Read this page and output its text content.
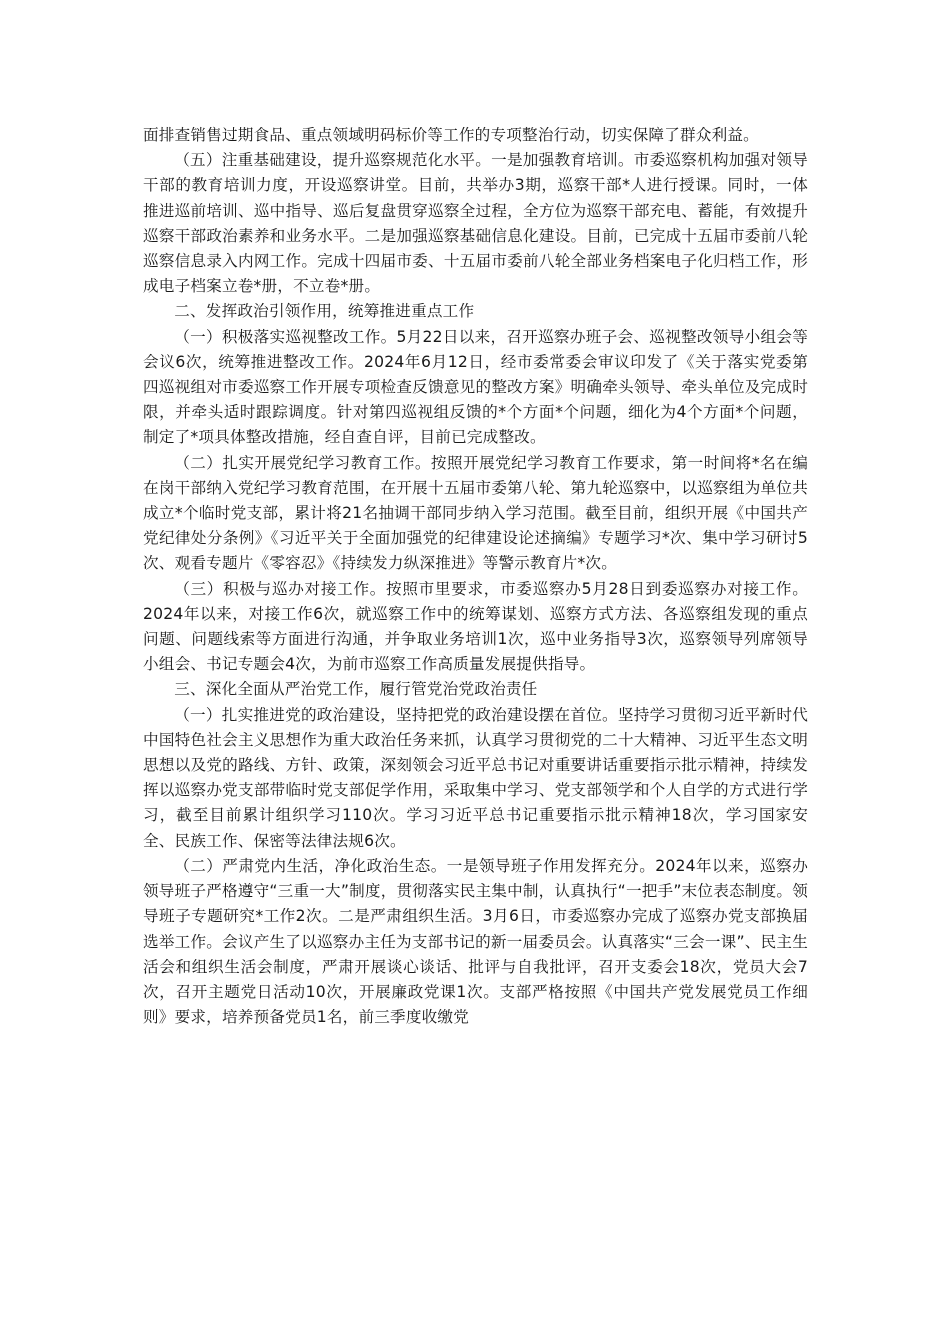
面排查销售过期食品、重点领域明码标价等工作的专项整治行动，切实保障了群众利益。

（五）注重基础建设，提升巡察规范化水平。一是加强教育培训。市委巡察机构加强对领导干部的教育培训力度，开设巡察讲堂。目前，共举办3期，巡察干部*人进行授课。同时，一体推进巡前培训、巡中指导、巡后复盘贯穿巡察全过程，全方位为巡察干部充电、蓄能，有效提升巡察干部政治素养和业务水平。二是加强巡察基础信息化建设。目前，已完成十五届市委前八轮巡察信息录入内网工作。完成十四届市委、十五届市委前八轮全部业务档案电子化归档工作，形成电子档案立卷*册，不立卷*册。

二、发挥政治引领作用，统筹推进重点工作

（一）积极落实巡视整改工作。5月22日以来，召开巡察办班子会、巡视整改领导小组会等会议6次，统筹推进整改工作。2024年6月12日，经市委常委会审议印发了《关于落实党委第四巡视组对市委巡察工作开展专项检查反馈意见的整改方案》明确牵头领导、牵头单位及完成时限，并牵头适时跟踪调度。针对第四巡视组反馈的*个方面*个问题，细化为4个方面*个问题，制定了*项具体整改措施，经自查自评，目前已完成整改。

（二）扎实开展党纪学习教育工作。按照开展党纪学习教育工作要求，第一时间将*名在编在岗干部纳入党纪学习教育范围，在开展十五届市委第八轮、第九轮巡察中，以巡察组为单位共成立*个临时党支部，累计将21名抽调干部同步纳入学习范围。截至目前，组织开展《中国共产党纪律处分条例》《习近平关于全面加强党的纪律建设论述摘编》专题学习*次、集中学习研讨5次、观看专题片《零容忍》《持续发力纵深推进》等警示教育片*次。

（三）积极与巡办对接工作。按照市里要求，市委巡察办5月28日到委巡察办对接工作。2024年以来，对接工作6次，就巡察工作中的统筹谋划、巡察方式方法、各巡察组发现的重点问题、问题线索等方面进行沟通，并争取业务培训1次，巡中业务指导3次，巡察领导列席领导小组会、书记专题会4次，为前市巡察工作高质量发展提供指导。

三、深化全面从严治党工作，履行管党治党政治责任

（一）扎实推进党的政治建设，坚持把党的政治建设摆在首位。坚持学习贯彻习近平新时代中国特色社会主义思想作为重大政治任务来抓，认真学习贯彻党的二十大精神、习近平生态文明思想以及党的路线、方针、政策，深刻领会习近平总书记对重要讲话重要指示批示精神，持续发挥以巡察办党支部带临时党支部促学作用，采取集中学习、党支部领学和个人自学的方式进行学习，截至目前累计组织学习110次。学习习近平总书记重要指示批示精神18次，学习国家安全、民族工作、保密等法律法规6次。

（二）严肃党内生活，净化政治生态。一是领导班子作用发挥充分。2024年以来，巡察办领导班子严格遵守“三重一大”制度，贯彻落实民主集中制，认真执行“一把手”末位表态制度。领导班子专题研究*工作2次。二是严肃组织生活。3月6日，市委巡察办完成了巡察办党支部换届选举工作。会议产生了以巡察办主任为支部书记的新一届委员会。认真落实“三会一课”、民主生活会和组织生活会制度，严肃开展谈心谈话、批评与自我批评，召开支委会18次，党员大会7次，召开主题党日活动10次，开展廉政党课1次。支部严格按照《中国共产党发展党员工作细则》要求，培养预备党员1名，前三季度收缴党
